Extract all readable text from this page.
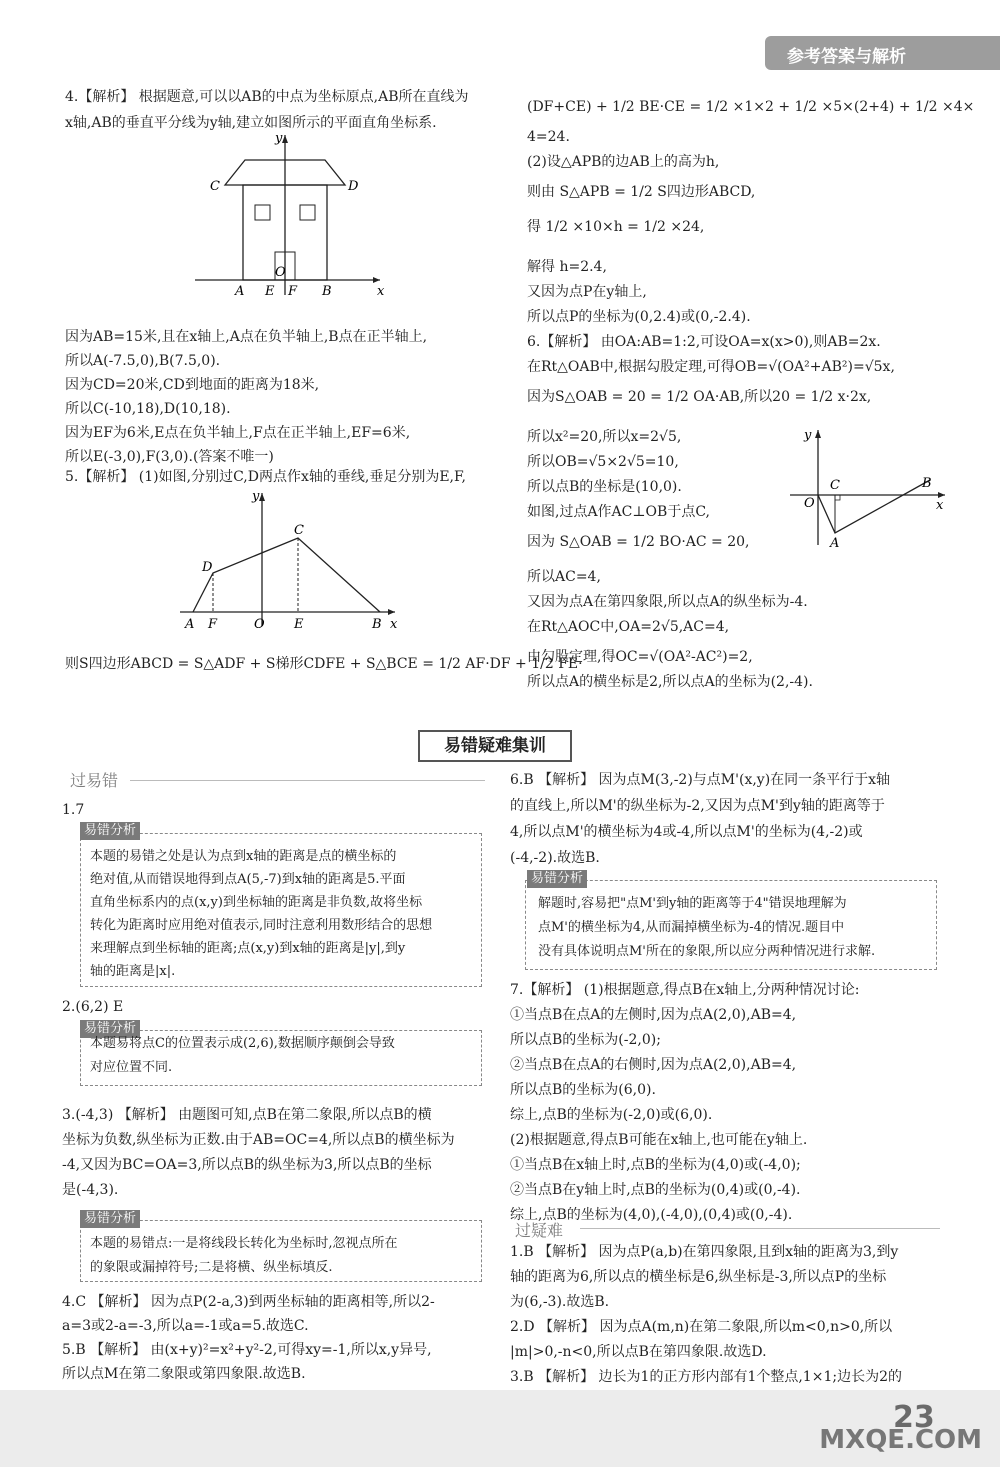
参考答案与解析
y
C	D
O
A E F B	x
y
D
C
A F	O E	B x
y
C	B
O
A
x
易错疑难集训
过易错
过疑难
23
MXQE.COM
4.【解析】 根据题意,可以以AB的中点为坐标原点,AB所在直线为
x轴,AB的垂直平分线为y轴,建立如图所示的平面直角坐标系.
因为AB=15米,且在x轴上,A点在负半轴上,B点在正半轴上,
所以A(-7.5,0),B(7.5,0).
因为CD=20米,CD到地面的距离为18米,
所以C(-10,18),D(10,18).
因为EF为6米,E点在负半轴上,F点在正半轴上,EF=6米,
所以E(-3,0),F(3,0).(答案不唯一)
5.【解析】 (1)如图,分别过C,D两点作x轴的垂线,垂足分别为E,F,
则S四边形ABCD = S△ADF + S梯形CDFE + S△BCE = 1/2 AF·DF + 1/2 FE·
(DF+CE) + 1/2 BE·CE = 1/2 ×1×2 + 1/2 ×5×(2+4) + 1/2 ×4×
4=24.
(2)设△APB的边AB上的高为h,
则由 S△APB = 1/2 S四边形ABCD,
得 1/2 ×10×h = 1/2 ×24,
解得 h=2.4,
又因为点P在y轴上,
所以点P的坐标为(0,2.4)或(0,-2.4).
6.【解析】 由OA:AB=1:2,可设OA=x(x>0),则AB=2x.
在Rt△OAB中,根据勾股定理,可得OB=√(OA²+AB²)=√5x,
因为S△OAB = 20 = 1/2 OA·AB,所以20 = 1/2 x·2x,
所以x²=20,所以x=2√5,
所以OB=√5×2√5=10,
所以点B的坐标是(10,0).
如图,过点A作AC⊥OB于点C,
因为 S△OAB = 1/2 BO·AC = 20,
所以AC=4,
又因为点A在第四象限,所以点A的纵坐标为-4.
在Rt△AOC中,OA=2√5,AC=4,
由勾股定理,得OC=√(OA²-AC²)=2,
所以点A的横坐标是2,所以点A的坐标为(2,-4).
1.7
易错分析
本题的易错之处是认为点到x轴的距离是点的横坐标的
绝对值,从而错误地得到点A(5,-7)到x轴的距离是5.平面
直角坐标系内的点(x,y)到坐标轴的距离是非负数,故将坐标
转化为距离时应用绝对值表示,同时注意利用数形结合的思想
来理解点到坐标轴的距离;点(x,y)到x轴的距离是|y|,到y
轴的距离是|x|.
2.(6,2) E
易错分析
本题易将点C的位置表示成(2,6),数据顺序颠倒会导致
对应位置不同.
3.(-4,3) 【解析】 由题图可知,点B在第二象限,所以点B的横
坐标为负数,纵坐标为正数.由于AB=OC=4,所以点B的横坐标为
-4,又因为BC=OA=3,所以点B的纵坐标为3,所以点B的坐标
是(-4,3).
易错分析
本题的易错点:一是将线段长转化为坐标时,忽视点所在
的象限或漏掉符号;二是将横、纵坐标填反.
4.C 【解析】 因为点P(2-a,3)到两坐标轴的距离相等,所以2-
a=3或2-a=-3,所以a=-1或a=5.故选C.
5.B 【解析】 由(x+y)²=x²+y²-2,可得xy=-1,所以x,y异号,
所以点M在第二象限或第四象限.故选B.
6.B 【解析】 因为点M(3,-2)与点M'(x,y)在同一条平行于x轴
的直线上,所以M'的纵坐标为-2,又因为点M'到y轴的距离等于
4,所以点M'的横坐标为4或-4,所以点M'的坐标为(4,-2)或
(-4,-2).故选B.
易错分析
解题时,容易把"点M'到y轴的距离等于4"错误地理解为
点M'的横坐标为4,从而漏掉横坐标为-4的情况.题目中
没有具体说明点M'所在的象限,所以应分两种情况进行求解.
7.【解析】 (1)根据题意,得点B在x轴上,分两种情况讨论:
①当点B在点A的左侧时,因为点A(2,0),AB=4,
所以点B的坐标为(-2,0);
②当点B在点A的右侧时,因为点A(2,0),AB=4,
所以点B的坐标为(6,0).
综上,点B的坐标为(-2,0)或(6,0).
(2)根据题意,得点B可能在x轴上,也可能在y轴上.
①当点B在x轴上时,点B的坐标为(4,0)或(-4,0);
②当点B在y轴上时,点B的坐标为(0,4)或(0,-4).
综上,点B的坐标为(4,0),(-4,0),(0,4)或(0,-4).
1.B 【解析】 因为点P(a,b)在第四象限,且到x轴的距离为3,到y
轴的距离为6,所以点的横坐标是6,纵坐标是-3,所以点P的坐标
为(6,-3).故选B.
2.D 【解析】 因为点A(m,n)在第二象限,所以m<0,n>0,所以
|m|>0,-n<0,所以点B在第四象限.故选D.
3.B 【解析】 边长为1的正方形内部有1个整点,1×1;边长为2的
